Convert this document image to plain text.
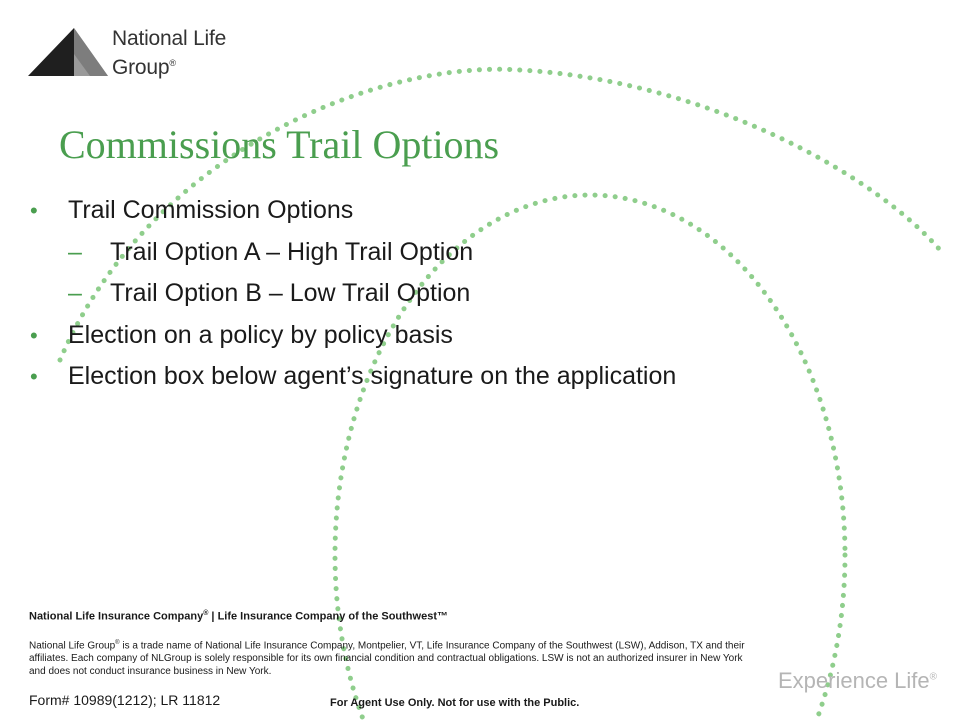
National Life
Group®
Commissions Trail Options
• Trail Commission Options
– Trail Option A – High Trail Option
– Trail Option B – Low Trail Option
• Election on a policy by policy basis
• Election box below agent’s signature on the application
National Life Insurance Company® | Life Insurance Company of the Southwest™
National Life Group® is a trade name of National Life Insurance Company, Montpelier, VT, Life Insurance Company of the Southwest (LSW), Addison, TX and their affiliates. Each company of NLGroup is solely responsible for its own financial condition and contractual obligations. LSW is not an authorized insurer in New York and does not conduct insurance business in New York.
Form# 10989(1212); LR 11812	For Agent Use Only. Not for use with the Public.
Experience Life®
